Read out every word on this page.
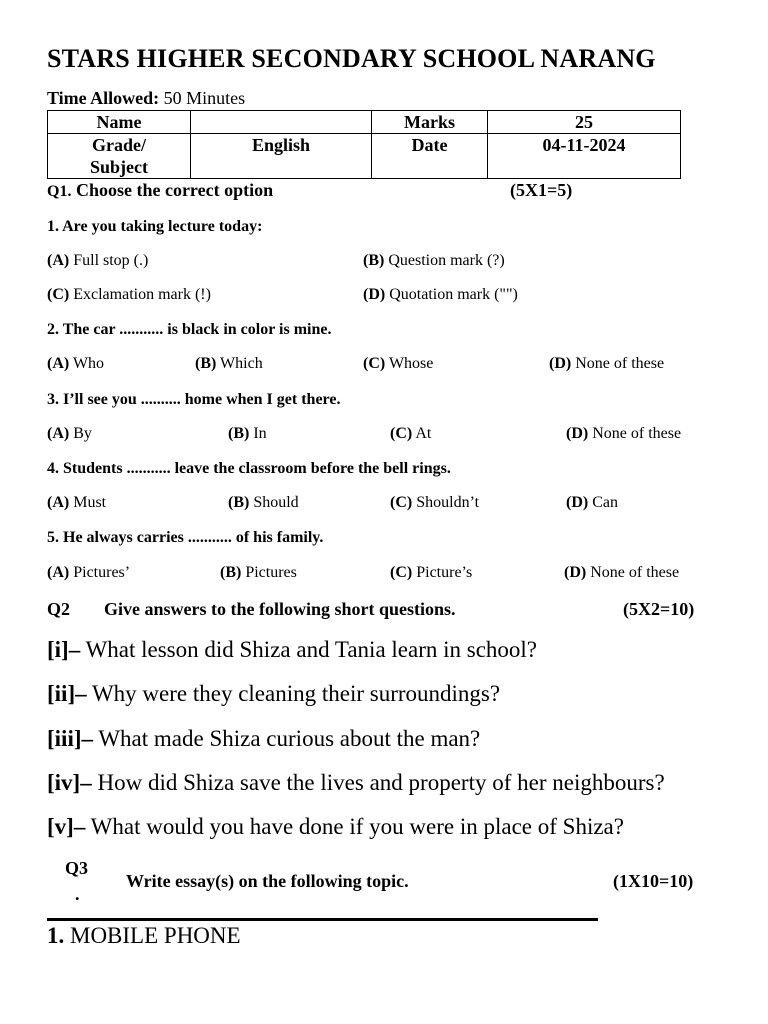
STARS HIGHER SECONDARY SCHOOL NARANG
Time Allowed: 50 Minutes
Name		Marks	25
Grade/
Subject	English	Date	04-11-2024
Q1. Choose the correct option	(5X1=5)
1. Are you taking lecture today:
(A) Full stop (.)	(B) Question mark (?)
(C) Exclamation mark (!)	(D) Quotation mark ("")
2. The car ........... is black in color is mine.
(A) Who	(B) Which	(C) Whose	(D) None of these
3. I’ll see you .......... home when I get there.
(A) By	(B) In	(C) At	(D) None of these
4. Students ........... leave the classroom before the bell rings.
(A) Must	(B) Should	(C) Shouldn’t	(D) Can
5. He always carries ........... of his family.
(A) Pictures’	(B) Pictures	(C) Picture’s	(D) None of these
Q2 Give answers to the following short questions.	(5X2=10)
[i]‒ What lesson did Shiza and Tania learn in school?
[ii]‒ Why were they cleaning their surroundings?
[iii]‒ What made Shiza curious about the man?
[iv]‒ How did Shiza save the lives and property of her neighbours?
[v]‒ What would you have done if you were in place of Shiza?
Q3
.
Write essay(s) on the following topic.	(1X10=10)
1. MOBILE PHONE
